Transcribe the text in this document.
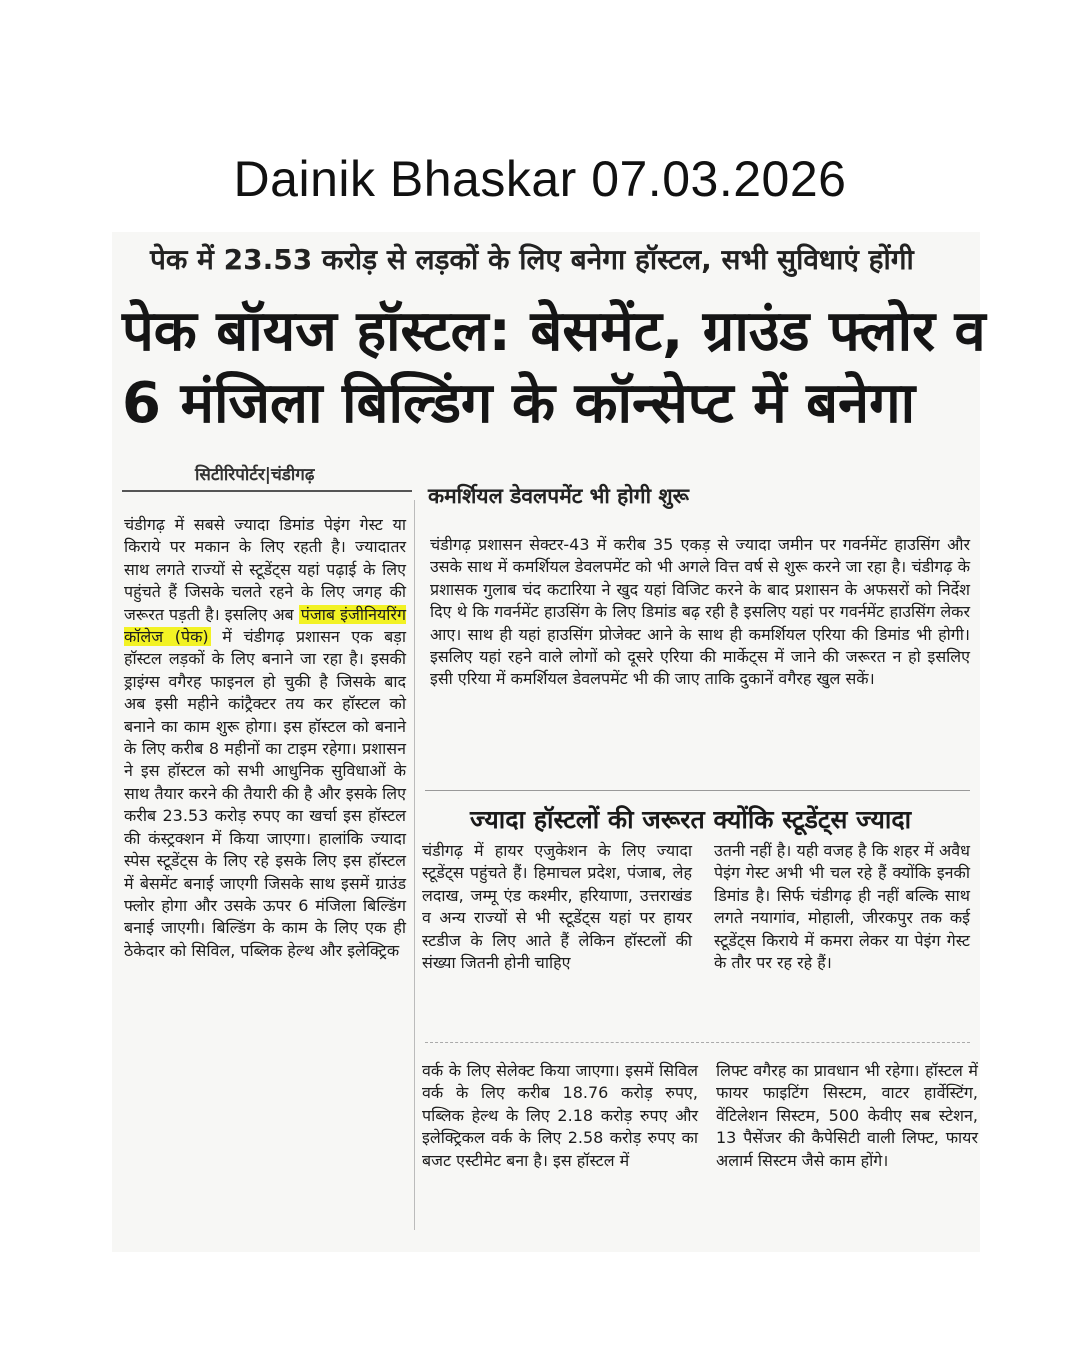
Dainik Bhaskar 07.03.2026
पेक में 23.53 करोड़ से लड़कों के लिए बनेगा हॉस्टल, सभी सुविधाएं होंगी
पेक बॉयज हॉस्टल: बेसमेंट, ग्राउंड फ्लोर व
6 मंजिला बिल्डिंग के कॉन्सेप्ट में बनेगा
सिटीरिपोर्टर|चंडीगढ़
चंडीगढ़ में सबसे ज्यादा डिमांड पेइंग गेस्ट या किराये पर मकान के लिए रहती है। ज्यादातर साथ लगते राज्यों से स्टूडेंट्स यहां पढ़ाई के लिए पहुंचते हैं जिसके चलते रहने के लिए जगह की जरूरत पड़ती है। इसलिए अब पंजाब इंजीनियरिंग कॉलेज (पेक) में चंडीगढ़ प्रशासन एक बड़ा हॉस्टल लड़कों के लिए बनाने जा रहा है। इसकी ड्राइंग्स वगैरह फाइनल हो चुकी है जिसके बाद अब इसी महीने कांट्रैक्टर तय कर हॉस्टल को बनाने का काम शुरू होगा। इस हॉस्टल को बनाने के लिए करीब 8 महीनों का टाइम रहेगा। प्रशासन ने इस हॉस्टल को सभी आधुनिक सुविधाओं के साथ तैयार करने की तैयारी की है और इसके लिए करीब 23.53 करोड़ रुपए का खर्चा इस हॉस्टल की कंस्ट्रक्शन में किया जाएगा। हालांकि ज्यादा स्पेस स्टूडेंट्स के लिए रहे इसके लिए इस हॉस्टल में बेसमेंट बनाई जाएगी जिसके साथ इसमें ग्राउंड फ्लोर होगा और उसके ऊपर 6 मंजिला बिल्डिंग बनाई जाएगी। बिल्डिंग के काम के लिए एक ही ठेकेदार को सिविल, पब्लिक हेल्थ और इलेक्ट्रिक
कमर्शियल डेवलपमेंट भी होगी शुरू
चंडीगढ़ प्रशासन सेक्टर-43 में करीब 35 एकड़ से ज्यादा जमीन पर गवर्नमेंट हाउसिंग और उसके साथ में कमर्शियल डेवलपमेंट को भी अगले वित्त वर्ष से शुरू करने जा रहा है। चंडीगढ़ के प्रशासक गुलाब चंद कटारिया ने खुद यहां विजिट करने के बाद प्रशासन के अफसरों को निर्देश दिए थे कि गवर्नमेंट हाउसिंग के लिए डिमांड बढ़ रही है इसलिए यहां पर गवर्नमेंट हाउसिंग लेकर आए। साथ ही यहां हाउसिंग प्रोजेक्ट आने के साथ ही कमर्शियल एरिया की डिमांड भी होगी। इसलिए यहां रहने वाले लोगों को दूसरे एरिया की मार्केट्स में जाने की जरूरत न हो इसलिए इसी एरिया में कमर्शियल डेवलपमेंट भी की जाए ताकि दुकानें वगैरह खुल सकें।
ज्यादा हॉस्टलों की जरूरत क्योंकि स्टूडेंट्स ज्यादा
चंडीगढ़ में हायर एजुकेशन के लिए ज्यादा स्टूडेंट्स पहुंचते हैं। हिमाचल प्रदेश, पंजाब, लेह लदाख, जम्मू एंड कश्मीर, हरियाणा, उत्तराखंड व अन्य राज्यों से भी स्टूडेंट्स यहां पर हायर स्टडीज के लिए आते हैं लेकिन हॉस्टलों की संख्या जितनी होनी चाहिए
उतनी नहीं है। यही वजह है कि शहर में अवैध पेइंग गेस्ट अभी भी चल रहे हैं क्योंकि इनकी डिमांड है। सिर्फ चंडीगढ़ ही नहीं बल्कि साथ लगते नयागांव, मोहाली, जीरकपुर तक कई स्टूडेंट्स किराये में कमरा लेकर या पेइंग गेस्ट के तौर पर रह रहे हैं।
वर्क के लिए सेलेक्ट किया जाएगा। इसमें सिविल वर्क के लिए करीब 18.76 करोड़ रुपए, पब्लिक हेल्थ के लिए 2.18 करोड़ रुपए और इलेक्ट्रिकल वर्क के लिए 2.58 करोड़ रुपए का बजट एस्टीमेट बना है। इस हॉस्टल में
लिफ्ट वगैरह का प्रावधान भी रहेगा। हॉस्टल में फायर फाइटिंग सिस्टम, वाटर हार्वेस्टिंग, वेंटिलेशन सिस्टम, 500 केवीए सब स्टेशन, 13 पैसेंजर की कैपेसिटी वाली लिफ्ट, फायर अलार्म सिस्टम जैसे काम होंगे।
